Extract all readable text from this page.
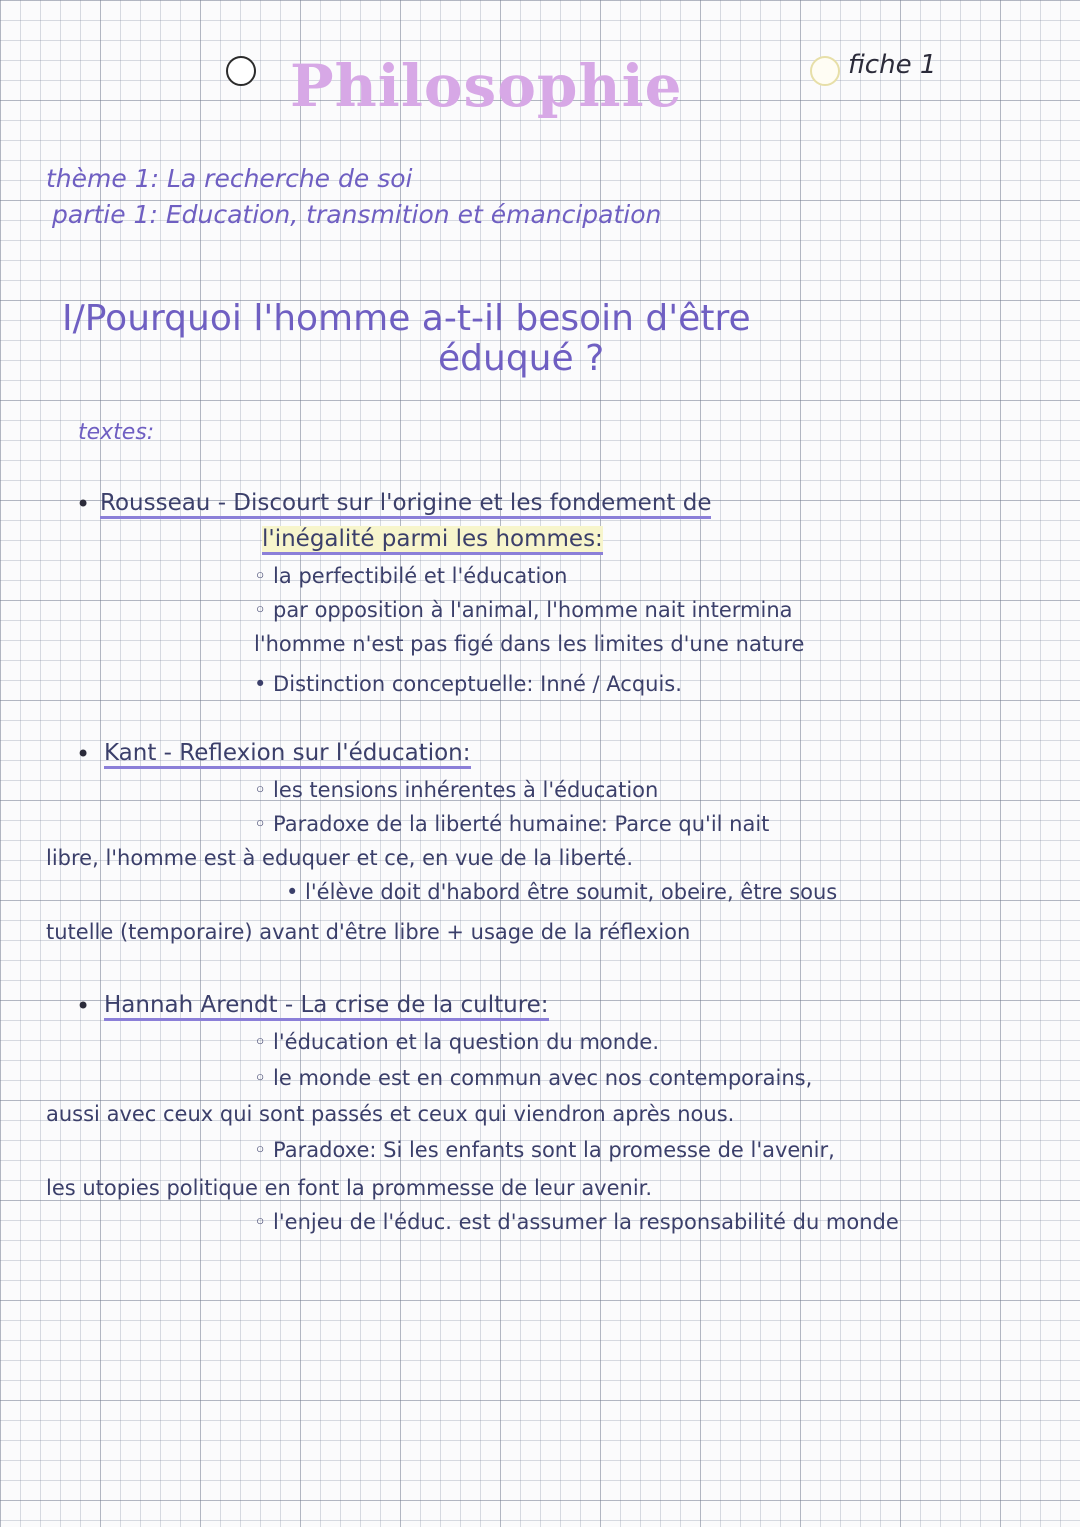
Philosophie	fiche 1
thème 1: La recherche de soi
partie 1: Education, transmition et émancipation
I/Pourquoi l'homme a-t-il besoin d'être
éduqué ?
textes:
• Rousseau - Discourt sur l'origine et les fondement de
l'inégalité parmi les hommes:
◦ la perfectibilé et l'éducation
◦ par opposition à l'animal, l'homme nait intermina
l'homme n'est pas figé dans les limites d'une nature
• Distinction conceptuelle: Inné / Acquis.
• Kant - Reflexion sur l'éducation:
◦ les tensions inhérentes à l'éducation
◦ Paradoxe de la liberté humaine: Parce qu'il nait
libre, l'homme est à eduquer et ce, en vue de la liberté.
• l'élève doit d'habord être soumit, obeire, être sous
tutelle (temporaire) avant d'être libre + usage de la réflexion
• Hannah Arendt - La crise de la culture:
◦ l'éducation et la question du monde.
◦ le monde est en commun avec nos contemporains,
aussi avec ceux qui sont passés et ceux qui viendron après nous.
◦ Paradoxe: Si les enfants sont la promesse de l'avenir,
les utopies politique en font la prommesse de leur avenir.
◦ l'enjeu de l'éduc. est d'assumer la responsabilité du monde
